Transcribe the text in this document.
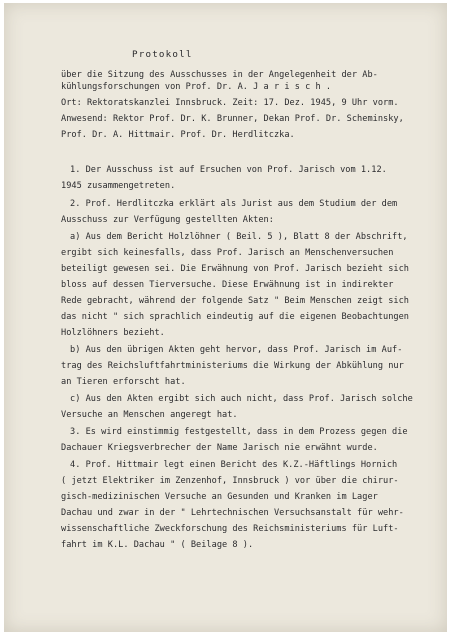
Protokoll
über die Sitzung des Ausschusses in der Angelegenheit der Ab-
kühlungsforschungen von Prof. Dr. A. J a r i s c h .
Ort: Rektoratskanzlei Innsbruck. Zeit: 17. Dez. 1945, 9 Uhr vorm.
Anwesend: Rektor Prof. Dr. K. Brunner, Dekan Prof. Dr. Scheminsky,
Prof. Dr. A. Hittmair. Prof. Dr. Herdlitczka.
1. Der Ausschuss ist auf Ersuchen von Prof. Jarisch vom 1.12.
1945 zusammengetreten.
2. Prof. Herdlitczka erklärt als Jurist aus dem Studium der dem
Ausschuss zur Verfügung gestellten Akten:
a) Aus dem Bericht Holzlöhner ( Beil. 5 ), Blatt 8 der Abschrift,
ergibt sich keinesfalls, dass Prof. Jarisch an Menschenversuchen
beteiligt gewesen sei. Die Erwähnung von Prof. Jarisch bezieht sich
bloss auf dessen Tierversuche. Diese Erwähnung ist in indirekter
Rede gebracht, während der folgende Satz " Beim Menschen zeigt sich
das nicht " sich sprachlich eindeutig auf die eigenen Beobachtungen
Holzlöhners bezieht.
b) Aus den übrigen Akten geht hervor, dass Prof. Jarisch im Auf-
trag des Reichsluftfahrtministeriums die Wirkung der Abkühlung nur
an Tieren erforscht hat.
c) Aus den Akten ergibt sich auch nicht, dass Prof. Jarisch solche
Versuche an Menschen angeregt hat.
3. Es wird einstimmig festgestellt, dass in dem Prozess gegen die
Dachauer Kriegsverbrecher der Name Jarisch nie erwähnt wurde.
4. Prof. Hittmair legt einen Bericht des K.Z.-Häftlings Hornich
( jetzt Elektriker im Zenzenhof, Innsbruck ) vor über die chirur-
gisch-medizinischen Versuche an Gesunden und Kranken im Lager
Dachau und zwar in der " Lehrtechnischen Versuchsanstalt für wehr-
wissenschaftliche Zweckforschung des Reichsministeriums für Luft-
fahrt im K.L. Dachau " ( Beilage 8 ).
